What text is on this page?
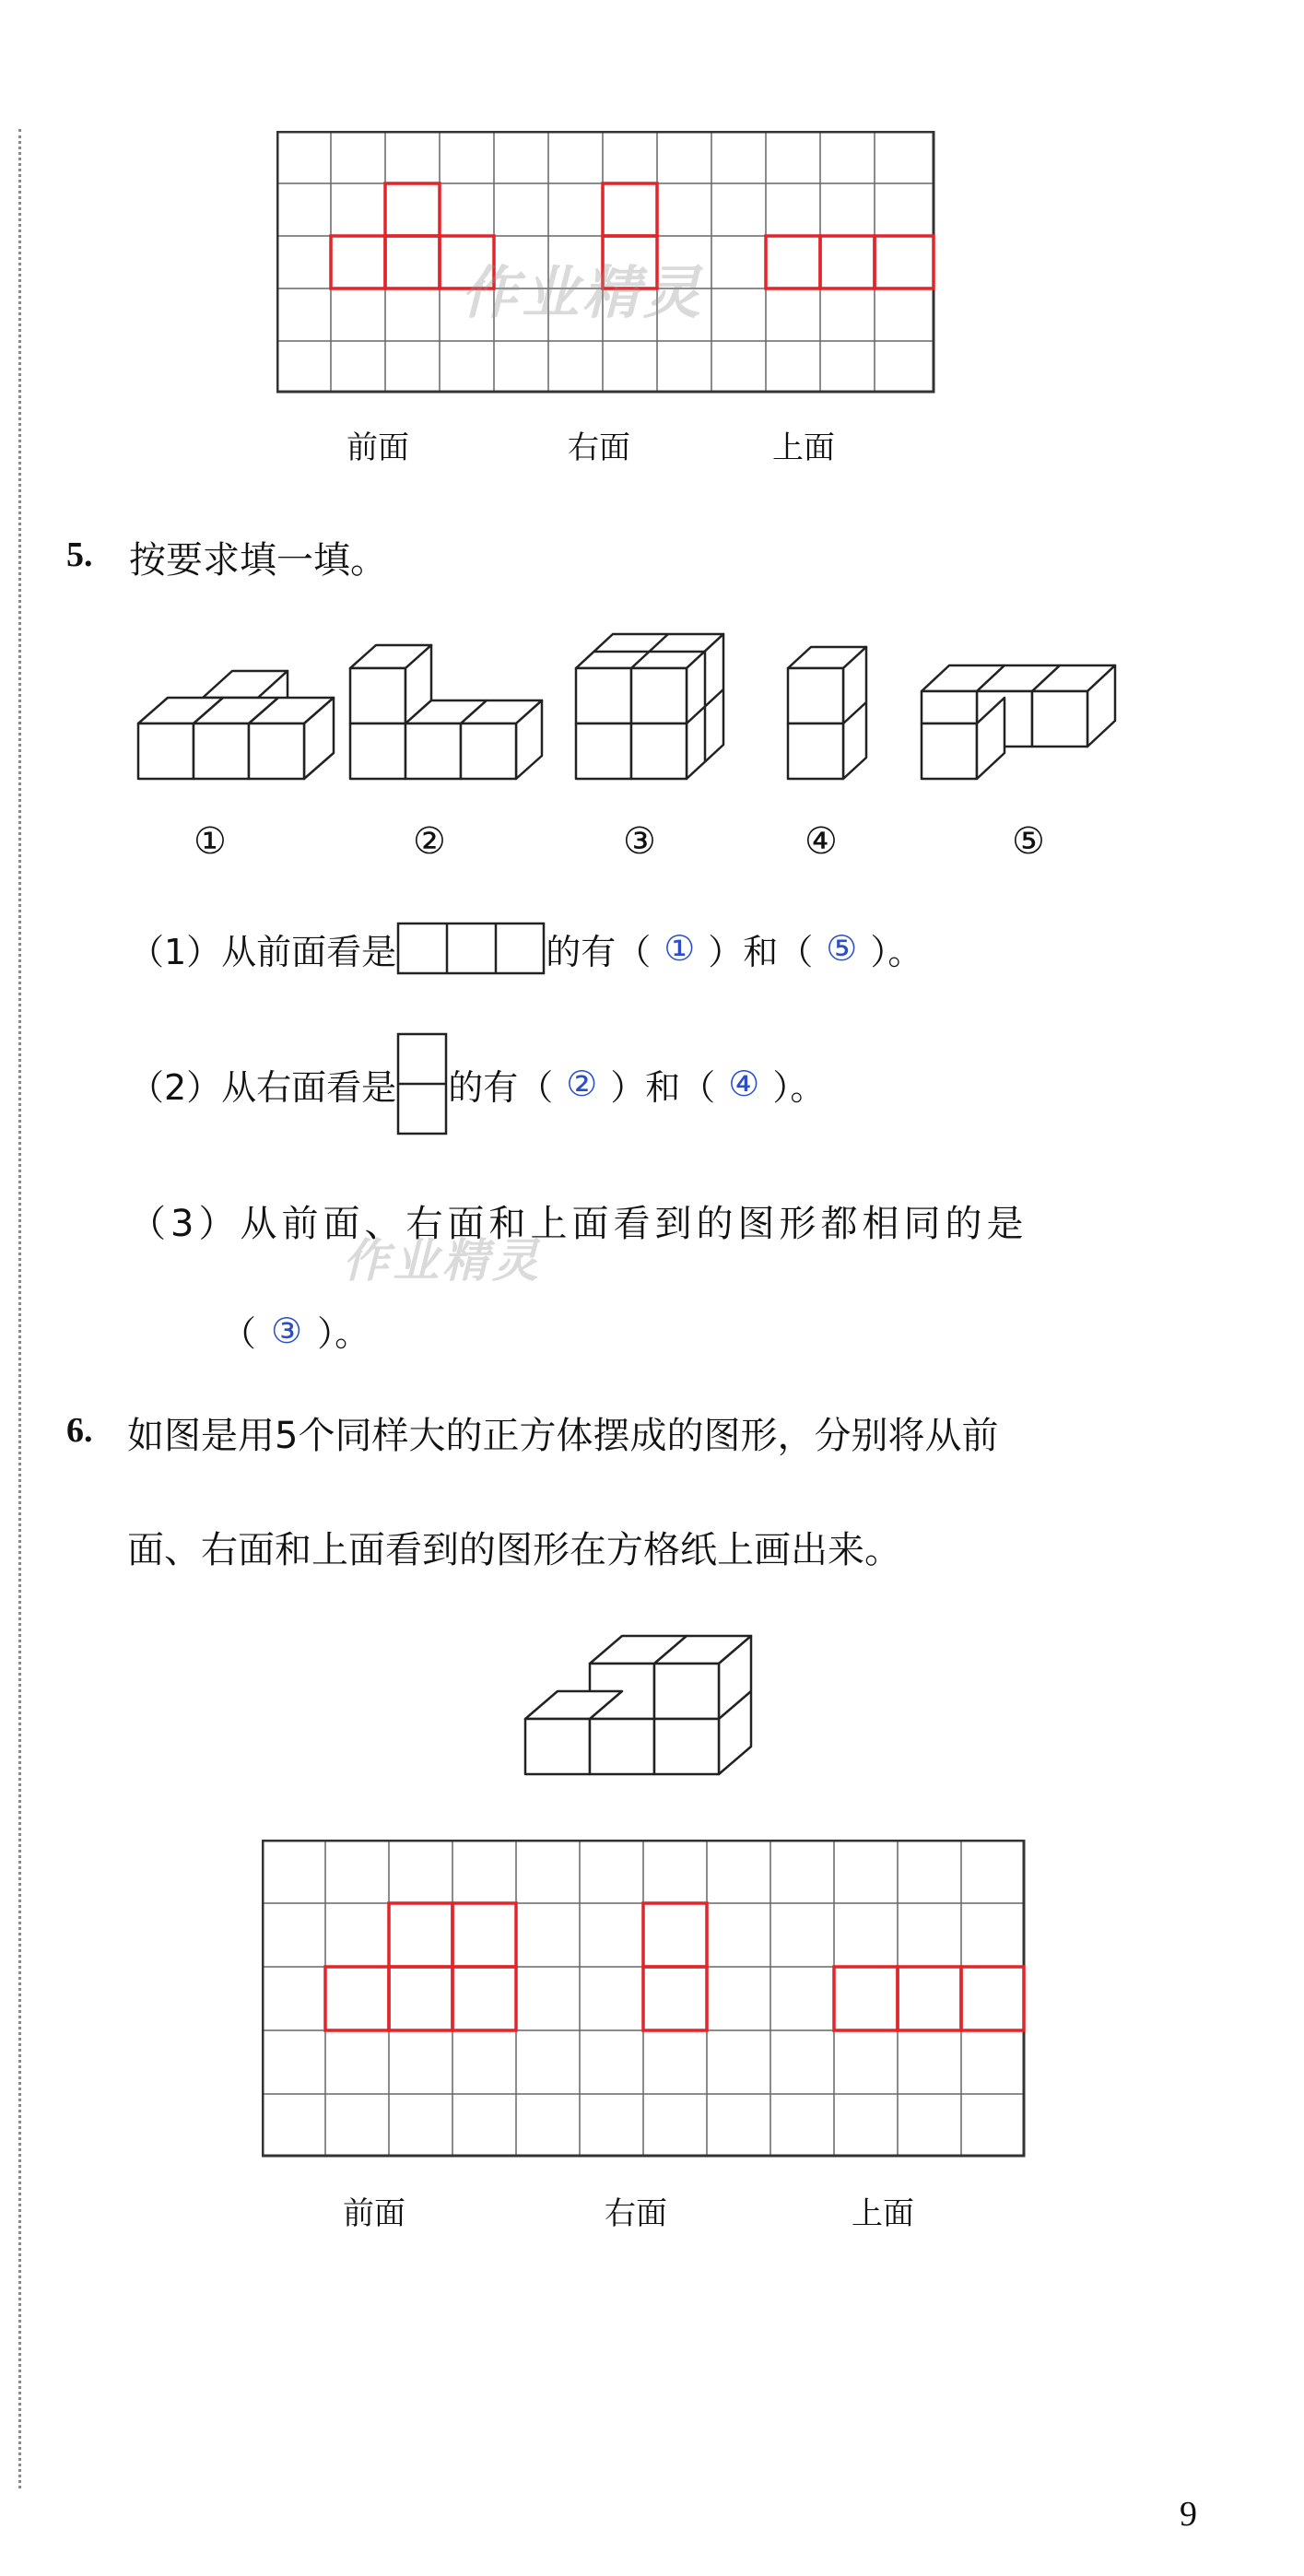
作业精灵
前面	右面	上面
5. 按要求填一填。
①	②	③	④	⑤
（1）从前面看是	的有（ ① ）和（ ⑤ ）。
（2）从右面看是 的有（ ② ）和（ ④ ）。
（3）从前面、右面和上面看到的图形都相同的是
作业精灵
（ ③ ）。
6. 如图是用5个同样大的正方体摆成的图形，分别将从前
面、右面和上面看到的图形在方格纸上画出来。
前面	右面	上面
9
